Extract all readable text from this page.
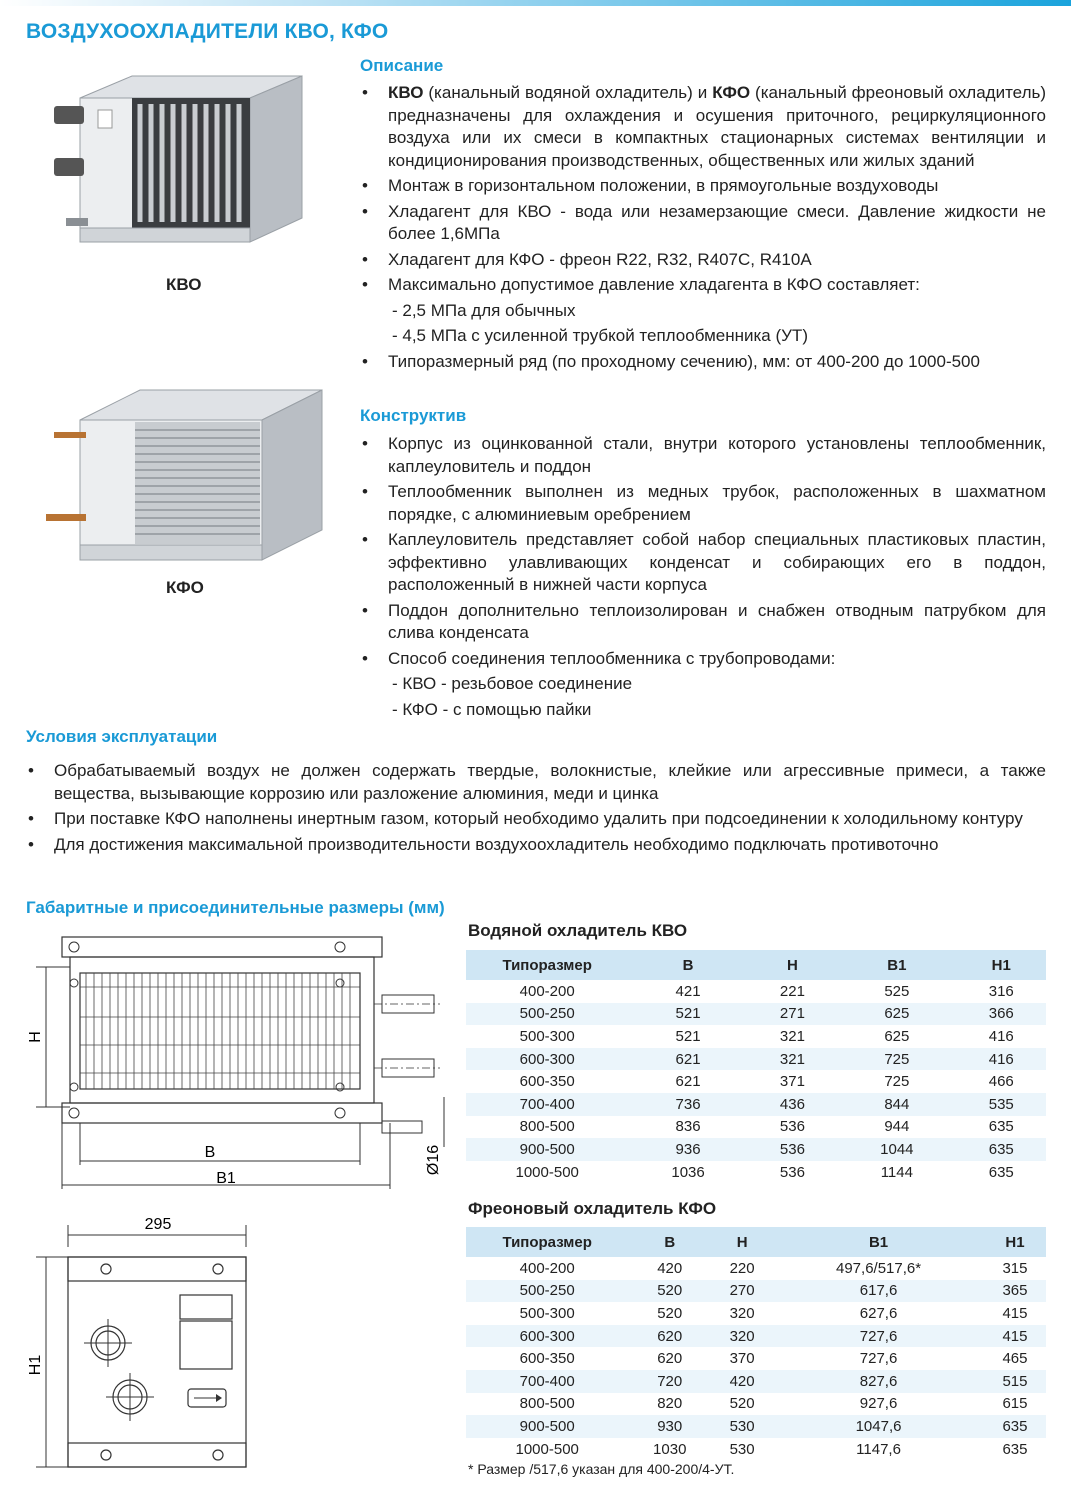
ВОЗДУХООХЛАДИТЕЛИ КВО, КФО
КВО
КФО
Описание
• КВО (канальный водяной охладитель) и КФО (канальный фреоновый охладитель) предназначены для охлаждения и осушения приточного, рециркуляционного воздуха или их смеси в компактных стационарных системах вентиляции и кондиционирования производственных, общественных или жилых зданий
• Монтаж в горизонтальном положении, в прямоугольные воздуховоды
• Хладагент для КВО - вода или незамерзающие смеси. Давление жидкости не более 1,6МПа
• Хладагент для КФО - фреон R22, R32, R407C, R410A
• Максимально допустимое давление хладагента в КФО составляет:
- 2,5 МПа для обычных
- 4,5 МПа с усиленной трубкой теплообменника (УТ)
• Типоразмерный ряд (по проходному сечению), мм: от 400-200 до 1000-500
Конструктив
• Корпус из оцинкованной стали, внутри которого установлены теплообменник, каплеуловитель и поддон
• Теплообменник выполнен из медных трубок, расположенных в шахматном порядке, с алюминиевым оребрением
• Каплеуловитель представляет собой набор специальных пластиковых пластин, эффективно улавливающих конденсат и собирающих его в поддон, расположенный в нижней части корпуса
• Поддон дополнительно теплоизолирован и снабжен отводным патрубком для слива конденсата
• Способ соединения теплообменника с трубопроводами:
- КВО - резьбовое соединение
- КФО - с помощью пайки
Условия эксплуатации
• Обрабатываемый воздух не должен содержать твердые, волокнистые, клейкие или агрессивные примеси, а также вещества, вызывающие коррозию или разложение алюминия, меди и цинка
• При поставке КФО наполнены инертным газом, который необходимо удалить при подсоединении к холодильному контуру
• Для достижения максимальной производительности воздухоохладитель необходимо подключать противоточно
Габаритные и присоединительные размеры (мм)
H
B
B1
Ø16
295
H1
Водяной охладитель КВО
Типоразмер	B	H	B1	H1
400-200	421	221	525	316
500-250	521	271	625	366
500-300	521	321	625	416
600-300	621	321	725	416
600-350	621	371	725	466
700-400	736	436	844	535
800-500	836	536	944	635
900-500	936	536	1044	635
1000-500	1036	536	1144	635
Фреоновый охладитель КФО
Типоразмер	B	H	B1	H1
400-200	420	220	497,6/517,6*	315
500-250	520	270	617,6	365
500-300	520	320	627,6	415
600-300	620	320	727,6	415
600-350	620	370	727,6	465
700-400	720	420	827,6	515
800-500	820	520	927,6	615
900-500	930	530	1047,6	635
1000-500	1030	530	1147,6	635
* Размер /517,6 указан для 400-200/4-УТ.
